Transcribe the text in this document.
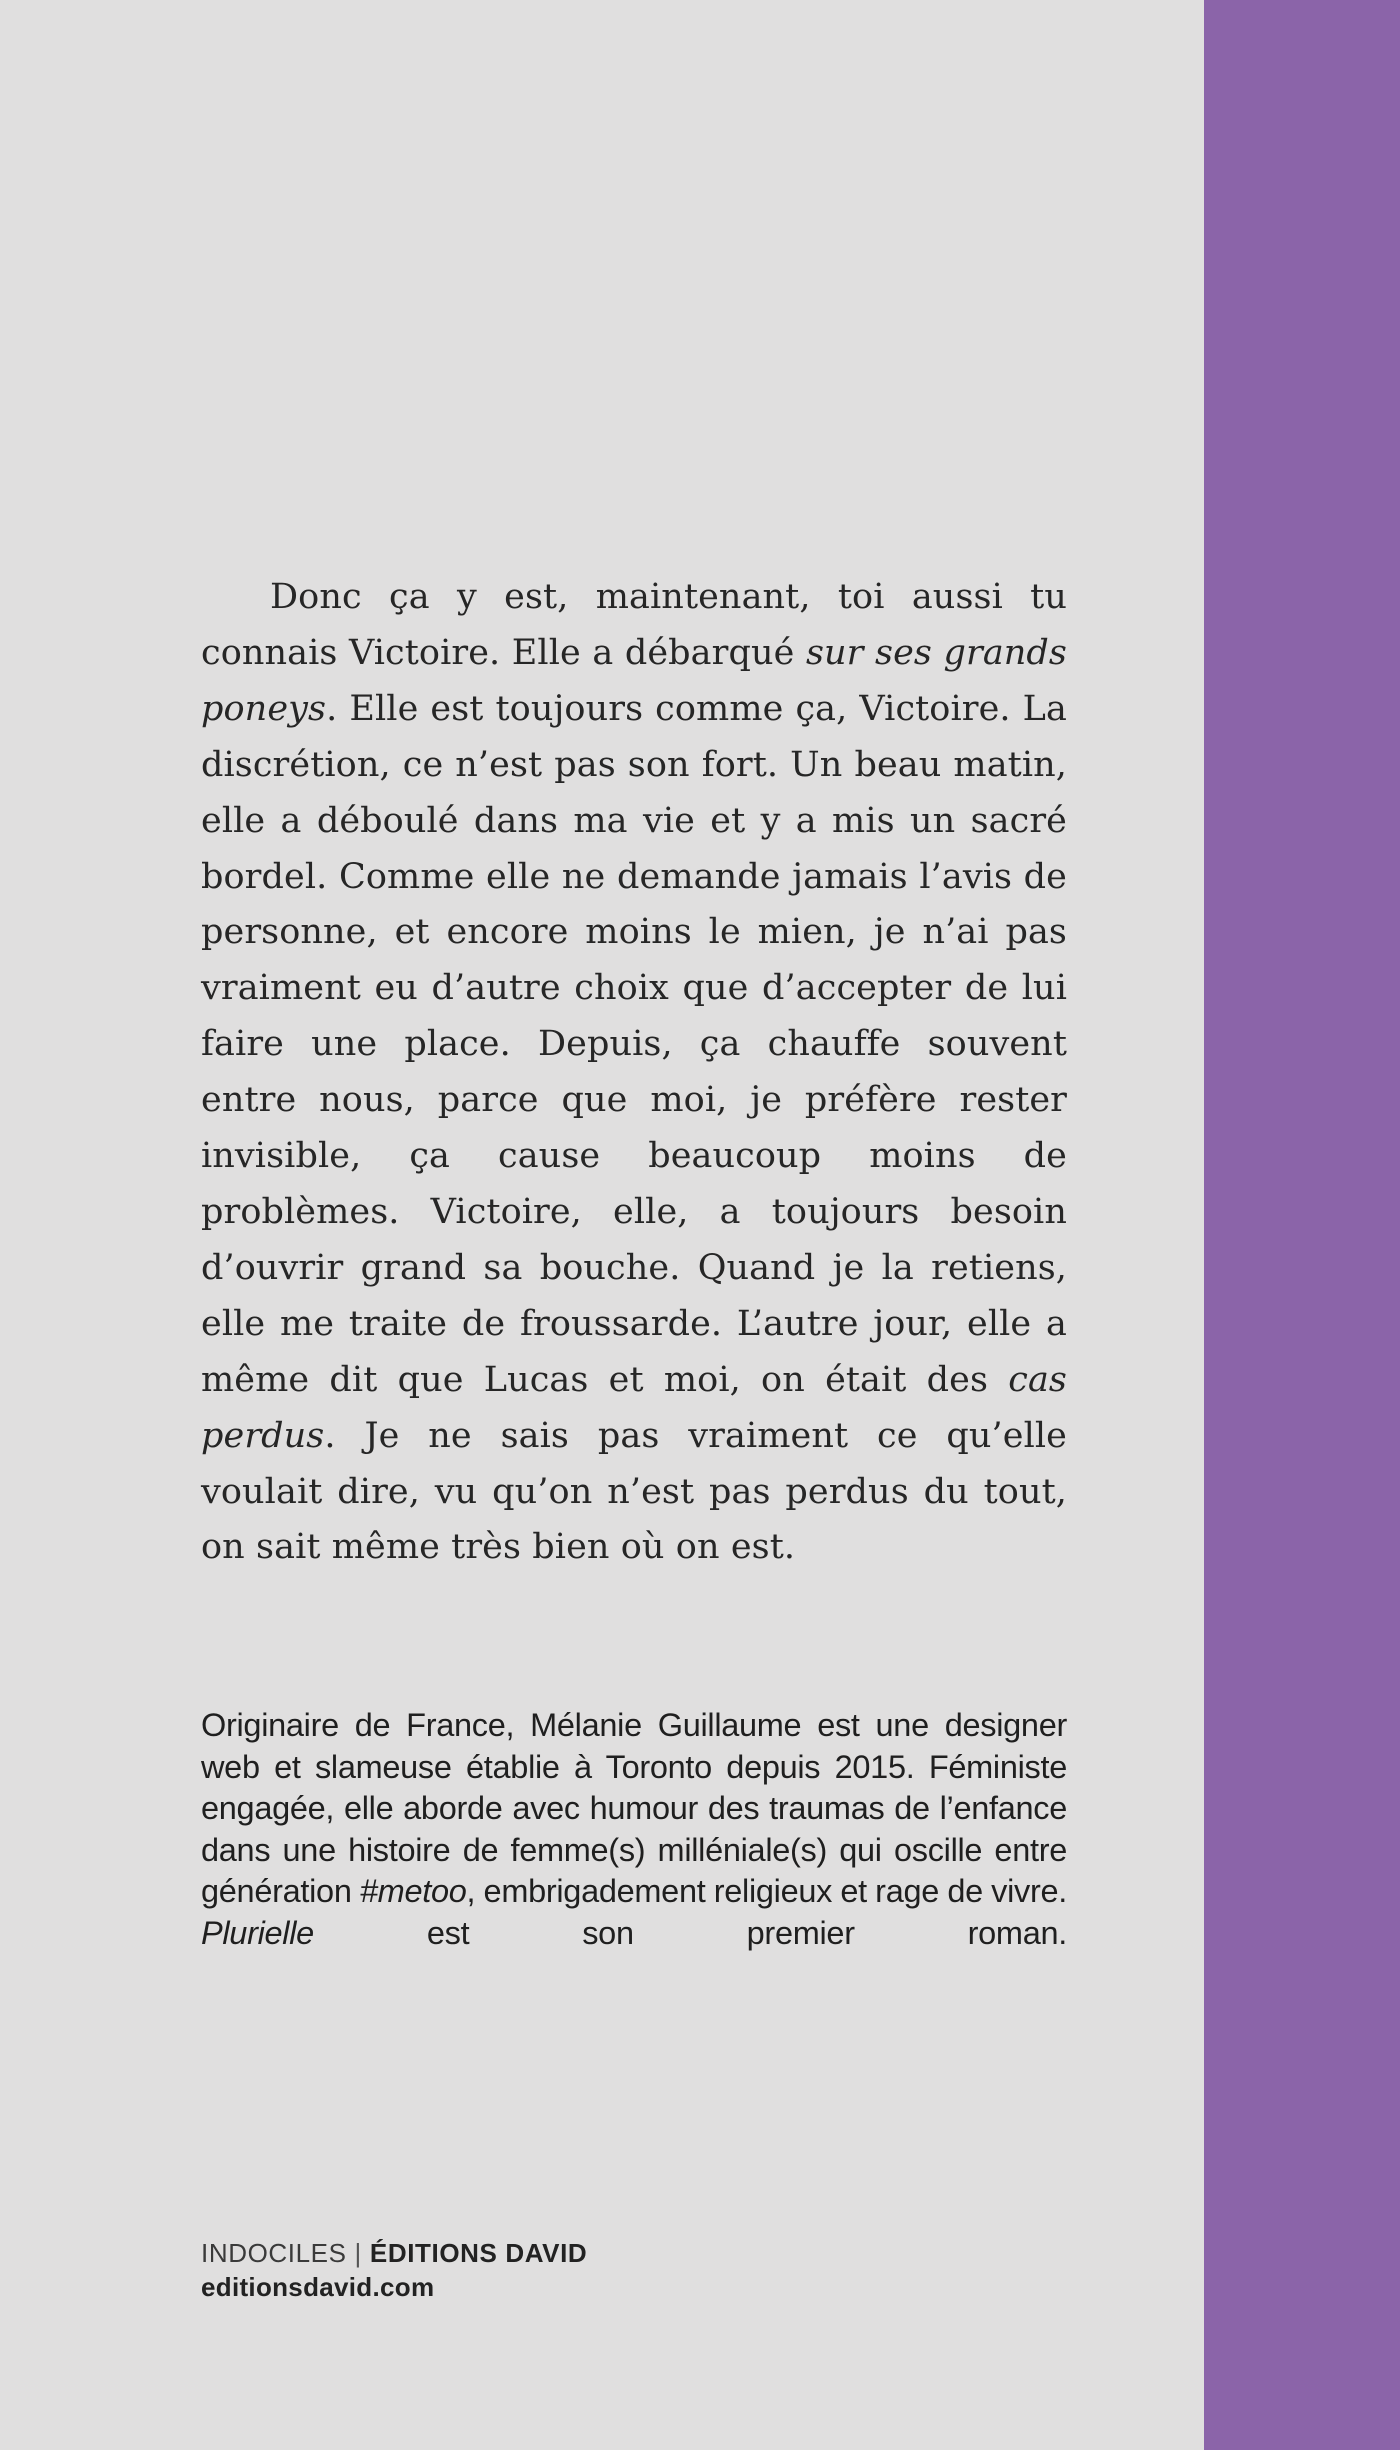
Donc ça y est, maintenant, toi aussi tu connais Victoire. Elle a débarqué sur ses grands poneys. Elle est toujours comme ça, Victoire. La discrétion, ce n’est pas son fort. Un beau matin, elle a déboulé dans ma vie et y a mis un sacré bordel. Comme elle ne demande jamais l’avis de personne, et encore moins le mien, je n’ai pas vraiment eu d’autre choix que d’accepter de lui faire une place. Depuis, ça chauffe souvent entre nous, parce que moi, je préfère rester invisible, ça cause beaucoup moins de problèmes. Victoire, elle, a toujours besoin d’ouvrir grand sa bouche. Quand je la retiens, elle me traite de froussarde. L’autre jour, elle a même dit que Lucas et moi, on était des cas perdus. Je ne sais pas vraiment ce qu’elle voulait dire, vu qu’on n’est pas perdus du tout, on sait même très bien où on est.
Originaire de France, Mélanie Guillaume est une designer web et slameuse établie à Toronto depuis 2015. Féministe engagée, elle aborde avec humour des traumas de l’enfance dans une histoire de femme(s) milléniale(s) qui oscille entre génération #metoo, embrigadement religieux et rage de vivre. Plurielle est son premier roman.
INDOCILES | ÉDITIONS DAVID
editionsdavid.com
